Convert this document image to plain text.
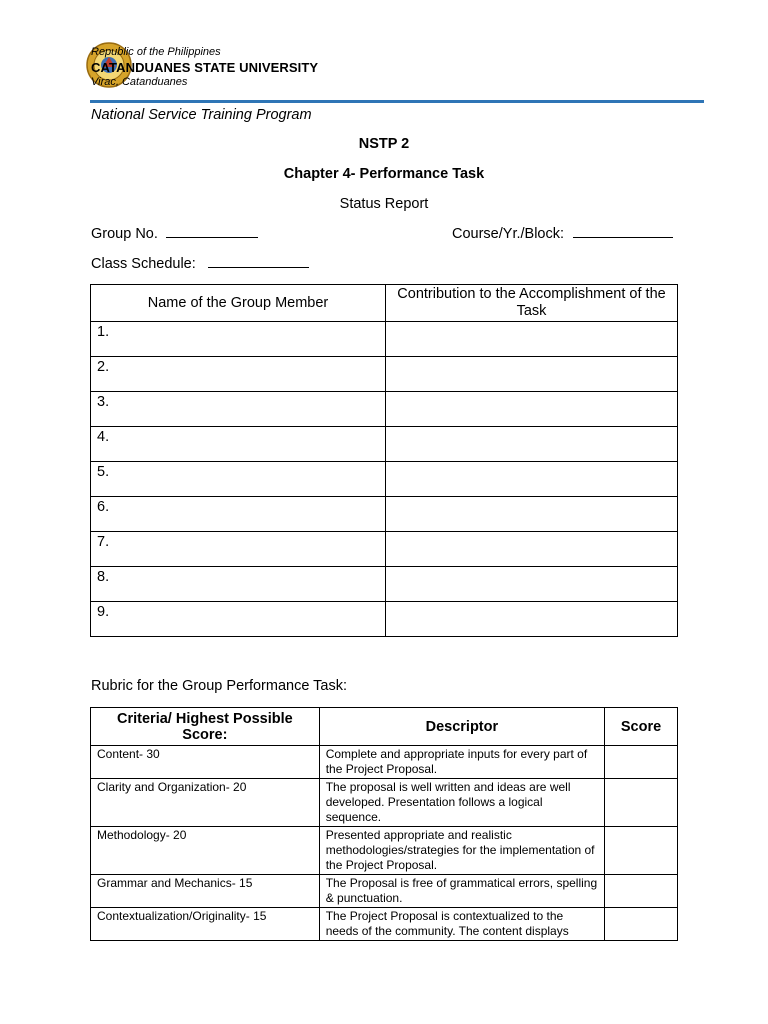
Republic of the Philippines
CATANDUANES STATE UNIVERSITY
Virac, Catanduanes
National Service Training Program
NSTP 2
Chapter 4- Performance Task
Status Report
Group No.	Course/Yr./Block:
Class Schedule:
Name of the Group Member	Contribution to the Accomplishment of the Task
1.	
2.	
3.	
4.	
5.	
6.	
7.	
8.	
9.	
Rubric for the Group Performance Task:
Criteria/ Highest Possible Score:	Descriptor	Score
Content- 30	Complete and appropriate inputs for every part of the Project Proposal.	
Clarity and Organization- 20	The proposal is well written and ideas are well developed. Presentation follows a logical sequence.	
Methodology- 20	Presented appropriate and realistic methodologies/strategies for the implementation of the Project Proposal.	
Grammar and Mechanics- 15	The Proposal is free of grammatical errors, spelling & punctuation.	
Contextualization/Originality- 15	The Project Proposal is contextualized to the needs of the community. The content displays	
